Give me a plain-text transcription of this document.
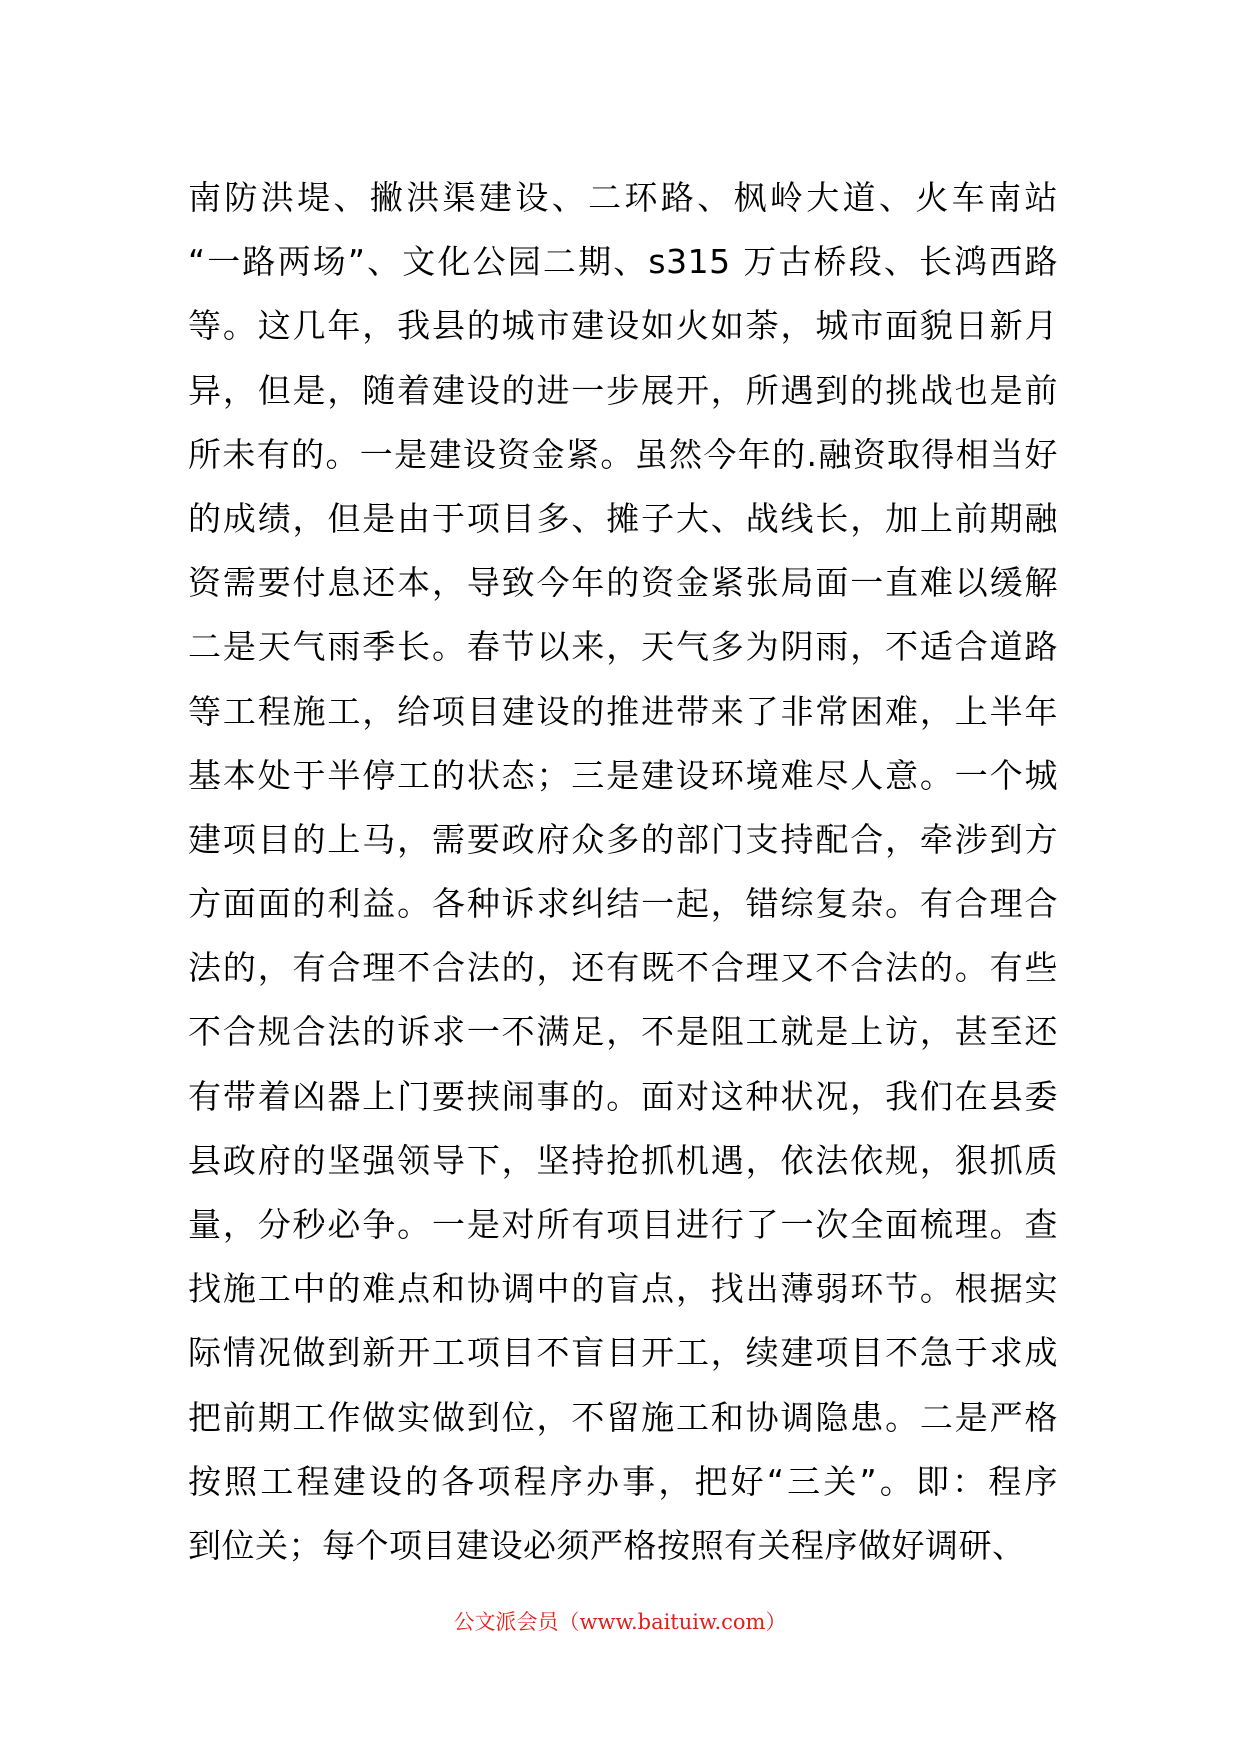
南防洪堤、撇洪渠建设、二环路、枫岭大道、火车南站
“一路两场”、文化公园二期、s315 万古桥段、长鸿西路
等。这几年，我县的城市建设如火如荼，城市面貌日新月
异，但是，随着建设的进一步展开，所遇到的挑战也是前
所未有的。一是建设资金紧。虽然今年的.融资取得相当好
的成绩，但是由于项目多、摊子大、战线长，加上前期融
资需要付息还本，导致今年的资金紧张局面一直难以缓解
二是天气雨季长。春节以来，天气多为阴雨，不适合道路
等工程施工，给项目建设的推进带来了非常困难，上半年
基本处于半停工的状态；三是建设环境难尽人意。一个城
建项目的上马，需要政府众多的部门支持配合，牵涉到方
方面面的利益。各种诉求纠结一起，错综复杂。有合理合
法的，有合理不合法的，还有既不合理又不合法的。有些
不合规合法的诉求一不满足，不是阻工就是上访，甚至还
有带着凶器上门要挟闹事的。面对这种状况，我们在县委
县政府的坚强领导下，坚持抢抓机遇，依法依规，狠抓质
量，分秒必争。一是对所有项目进行了一次全面梳理。查
找施工中的难点和协调中的盲点，找出薄弱环节。根据实
际情况做到新开工项目不盲目开工，续建项目不急于求成
把前期工作做实做到位，不留施工和协调隐患。二是严格
按照工程建设的各项程序办事，把好“三关”。即：程序
到位关；每个项目建设必须严格按照有关程序做好调研、
公文派会员（www.baituiw.com）
